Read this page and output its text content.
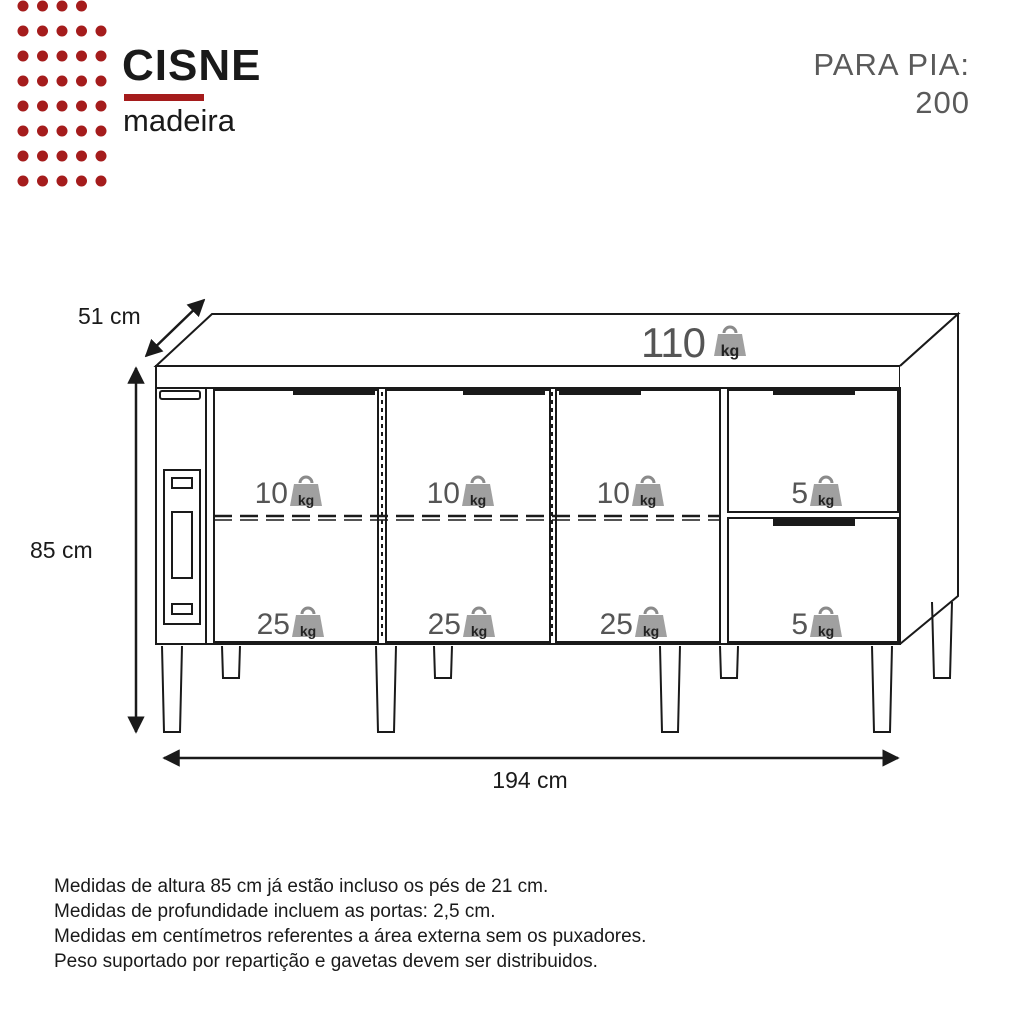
CISNE
madeira
PARA PIA:
200
51 cm
85 cm
194 cm
110 kg
10 kg	10 kg	10 kg	5 kg
25 kg	25 kg	25 kg	5 kg
Medidas de altura 85 cm já estão incluso os pés de 21 cm.
Medidas de profundidade incluem as portas: 2,5 cm.
Medidas em centímetros referentes a área externa sem os puxadores.
Peso suportado por repartição e gavetas devem ser distribuidos.
